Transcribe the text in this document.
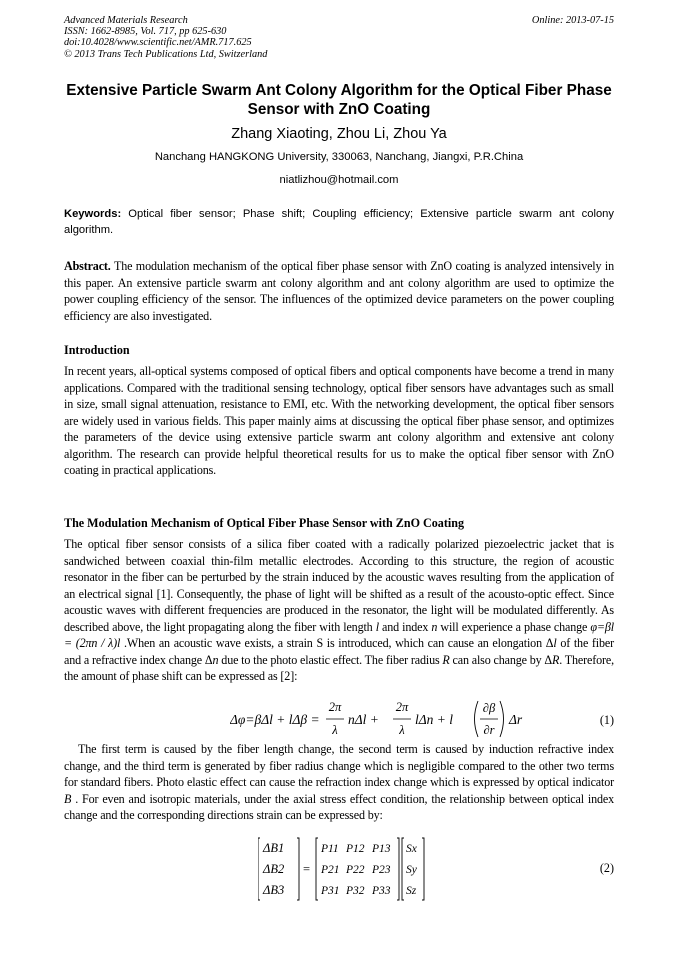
Advanced Materials Research
ISSN: 1662-8985, Vol. 717, pp 625-630
doi:10.4028/www.scientific.net/AMR.717.625
© 2013 Trans Tech Publications Ltd, Switzerland
Online: 2013-07-15
Extensive Particle Swarm Ant Colony Algorithm for the Optical Fiber Phase Sensor with ZnO Coating
Zhang Xiaoting, Zhou Li, Zhou Ya
Nanchang HANGKONG University, 330063, Nanchang, Jiangxi, P.R.China
niatlizhou@hotmail.com
Keywords: Optical fiber sensor; Phase shift; Coupling efficiency; Extensive particle swarm ant colony algorithm.
Abstract. The modulation mechanism of the optical fiber phase sensor with ZnO coating is analyzed intensively in this paper. An extensive particle swarm ant colony algorithm and ant colony algorithm are used to optimize the power coupling efficiency of the sensor. The influences of the optimized device parameters on the power coupling efficiency are also investigated.
Introduction
In recent years, all-optical systems composed of optical fibers and optical components have become a trend in many applications. Compared with the traditional sensing technology, optical fiber sensors have advantages such as small in size, small signal attenuation, resistance to EMI, etc. With the networking development, the optical fiber sensors are widely used in various fields. This paper mainly aims at discussing the optical fiber phase sensor, and optimizes the parameters of the device using extensive particle swarm ant colony algorithm and extensive ant colony algorithm. The research can provide helpful theoretical results for us to make the optical fiber sensor with ZnO coating in practical applications.
The Modulation Mechanism of Optical Fiber Phase Sensor with ZnO Coating
The optical fiber sensor consists of a silica fiber coated with a radically polarized piezoelectric jacket that is sandwiched between coaxial thin-film metallic electrodes. According to this structure, the region of acoustic resonator in the fiber can be perturbed by the strain induced by the acoustic waves resulting from the application of an electrical signal [1]. Consequently, the phase of light will be shifted as a result of the acousto-optic effect. Since acoustic waves with different frequencies are produced in the resonator, the light will be modulated differently. As described above, the light propagating along the fiber with length l and index n will experience a phase change φ=βl = (2πn / λ)l .When an acoustic wave exists, a strain S is introduced, which can cause an elongation Δl of the fiber and a refractive index change Δn due to the photo elastic effect. The fiber radius R can also change by ΔR. Therefore, the amount of phase shift can be expressed as [2]:
Δφ=βΔl + lΔβ =
2π
λ
nΔl +
2π
λ
lΔn + l
∂β
∂r
Δr	(1)
The first term is caused by the fiber length change, the second term is caused by induction refractive index change, and the third term is generated by fiber radius change which is negligible compared to the other two terms for standard fibers. Photo elastic effect can cause the refraction index change which is expressed by optical indicator B . For even and isotropic materials, under the axial stress effect condition, the relationship between optical index change and the corresponding directions strain can be expressed by:
ΔB1
ΔB2
ΔB3
=
P11 P12 P13
P21 P22 P23
P31 P32 P33
Sx
Sy
Sz
(2)
